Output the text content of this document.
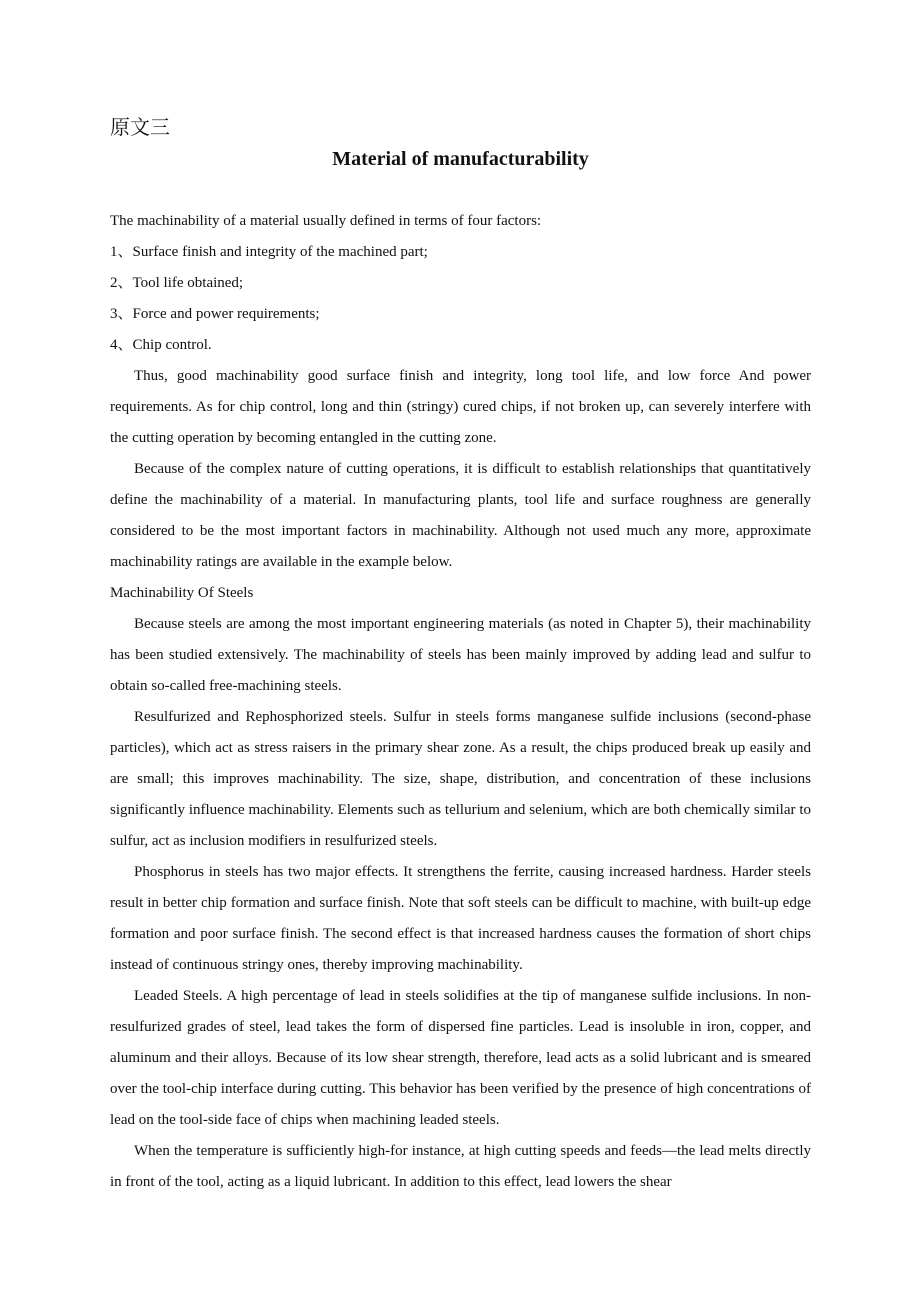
原文三
Material of manufacturability

The machinability of a material usually defined in terms of four factors:

1、Surface finish and integrity of the machined part;

2、Tool life obtained;

3、Force and power requirements;

4、Chip control.

Thus, good machinability good surface finish and integrity, long tool life, and low force And power requirements. As for chip control, long and thin (stringy) cured chips, if not broken up, can severely interfere with the cutting operation by becoming entangled in the cutting zone.

Because of the complex nature of cutting operations, it is difficult to establish relationships that quantitatively define the machinability of a material. In manufacturing plants, tool life and surface roughness are generally considered to be the most important factors in machinability. Although not used much any more, approximate machinability ratings are available in the example below.

Machinability Of Steels

Because steels are among the most important engineering materials (as noted in Chapter 5), their machinability has been studied extensively. The machinability of steels has been mainly improved by adding lead and sulfur to obtain so-called free-machining steels.

Resulfurized and Rephosphorized steels. Sulfur in steels forms manganese sulfide inclusions (second-phase particles), which act as stress raisers in the primary shear zone. As a result, the chips produced break up easily and are small; this improves machinability. The size, shape, distribution, and concentration of these inclusions significantly influence machinability. Elements such as tellurium and selenium, which are both chemically similar to sulfur, act as inclusion modifiers in resulfurized steels.

Phosphorus in steels has two major effects. It strengthens the ferrite, causing increased hardness. Harder steels result in better chip formation and surface finish. Note that soft steels can be difficult to machine, with built-up edge formation and poor surface finish. The second effect is that increased hardness causes the formation of short chips instead of continuous stringy ones, thereby improving machinability.

Leaded Steels. A high percentage of lead in steels solidifies at the tip of manganese sulfide inclusions. In non-resulfurized grades of steel, lead takes the form of dispersed fine particles. Lead is insoluble in iron, copper, and aluminum and their alloys. Because of its low shear strength, therefore, lead acts as a solid lubricant and is smeared over the tool-chip interface during cutting. This behavior has been verified by the presence of high concentrations of lead on the tool-side face of chips when machining leaded steels.

When the temperature is sufficiently high-for instance, at high cutting speeds and feeds—the lead melts directly in front of the tool, acting as a liquid lubricant. In addition to this effect, lead lowers the shear
